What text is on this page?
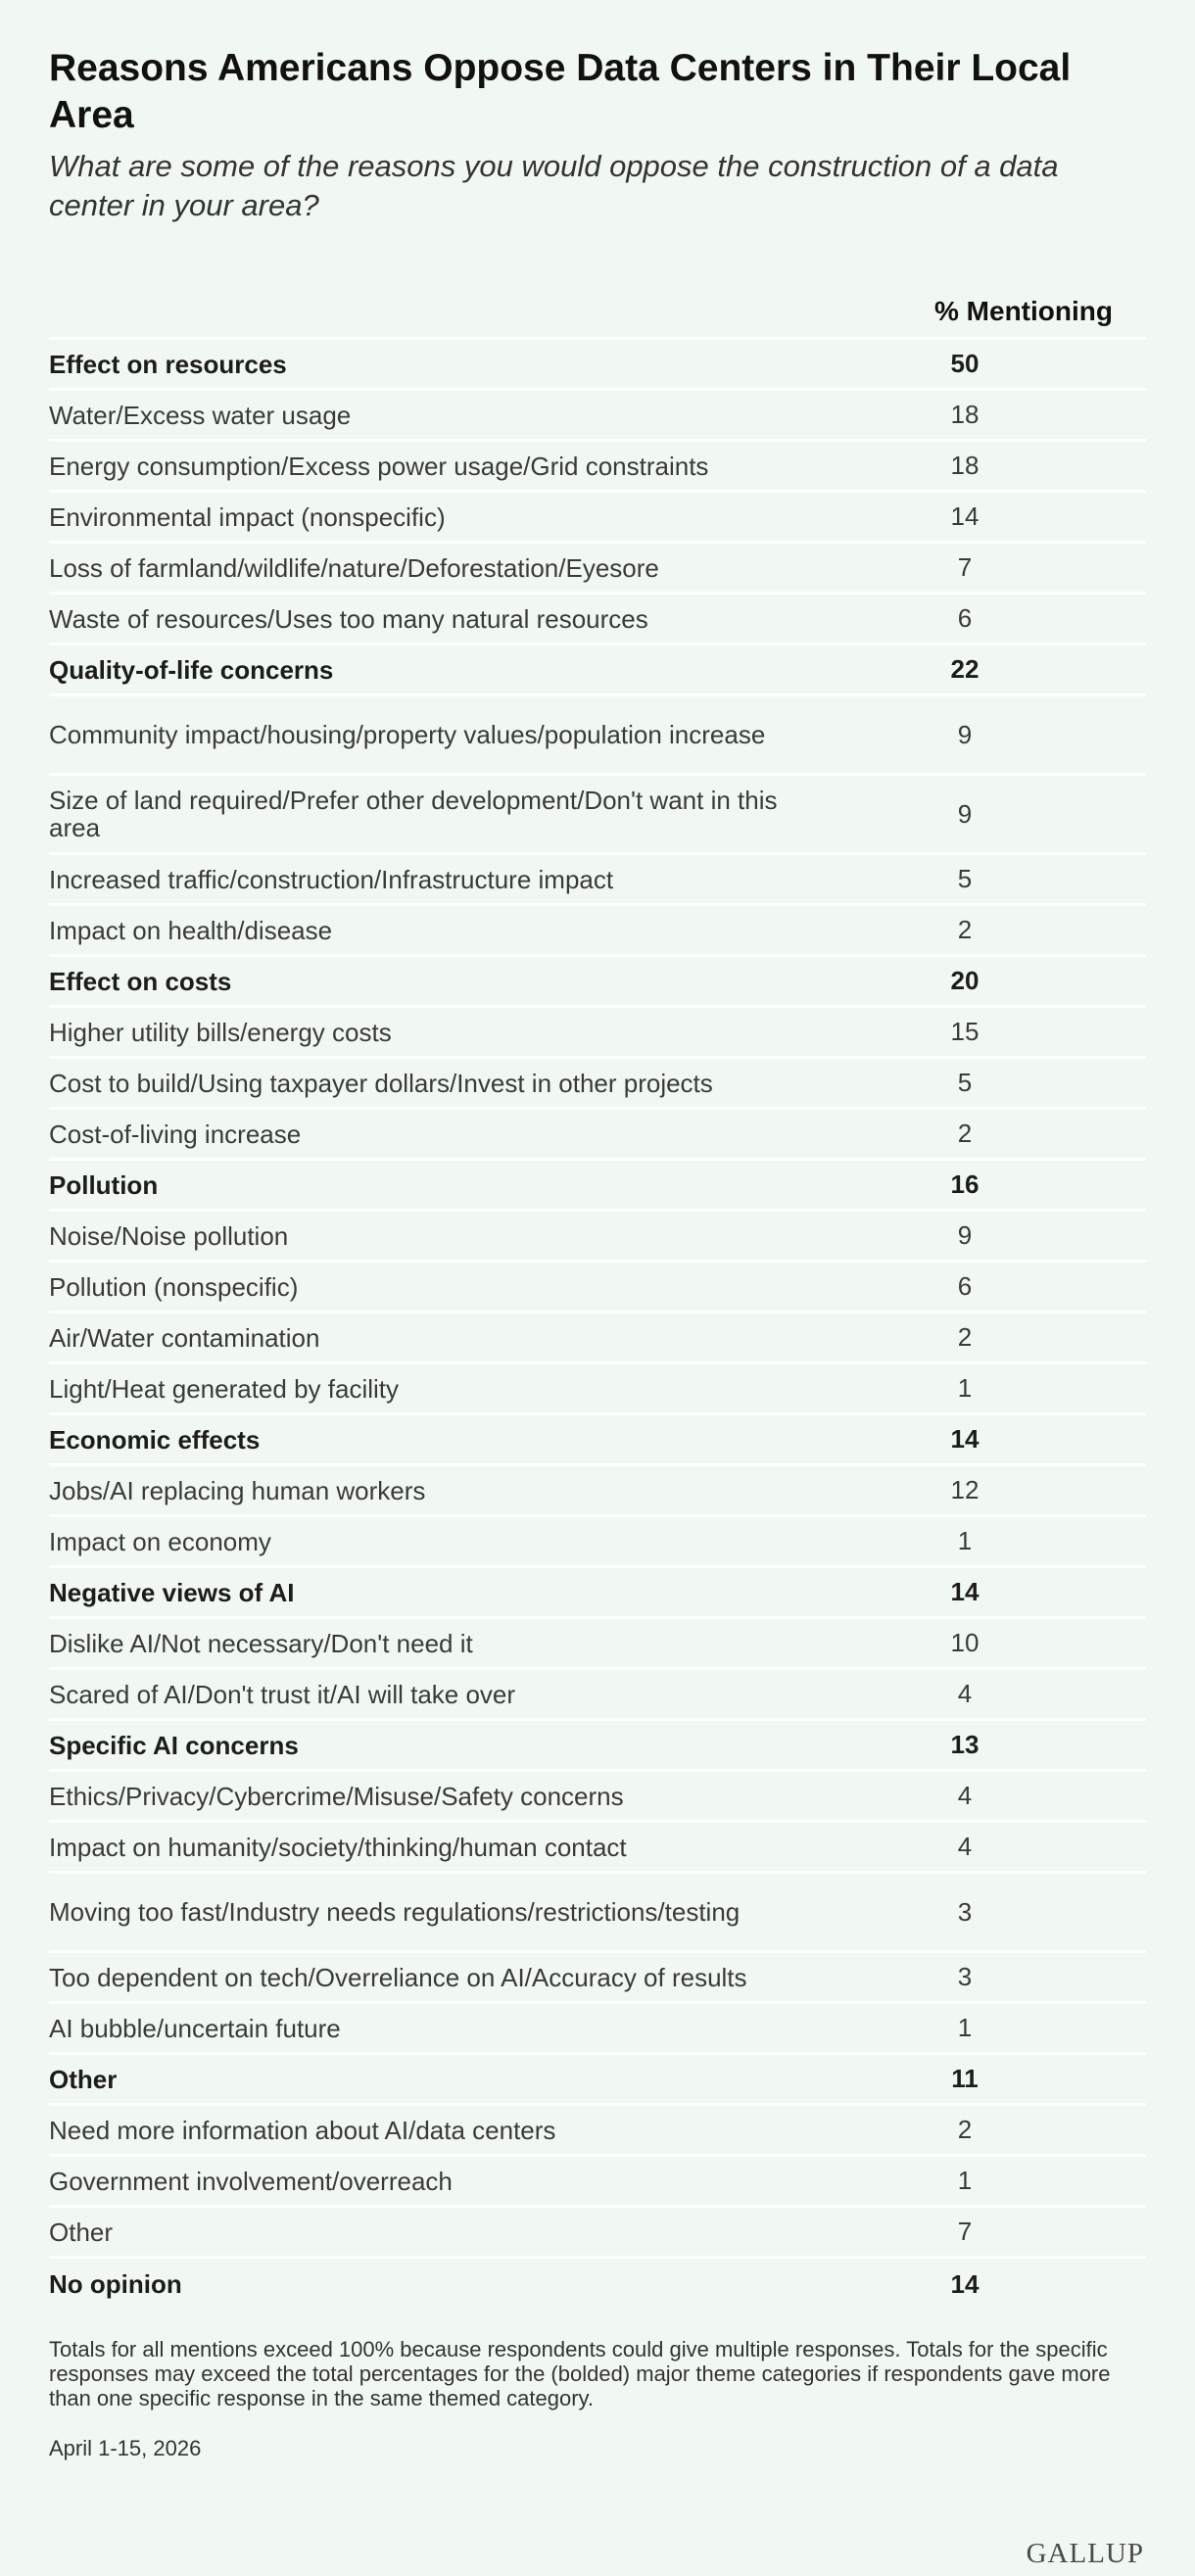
Reasons Americans Oppose Data Centers in Their Local Area

What are some of the reasons you would oppose the construction of a data center in your area?

% Mentioning
Effect on resources	50
Water/Excess water usage	18
Energy consumption/Excess power usage/Grid constraints	18
Environmental impact (nonspecific)	14
Loss of farmland/wildlife/nature/Deforestation/Eyesore	7
Waste of resources/Uses too many natural resources	6
Quality-of-life concerns	22
Community impact/housing/property values/population increase	9
Size of land required/Prefer other development/Don't want in this area	9
Increased traffic/construction/Infrastructure impact	5
Impact on health/disease	2
Effect on costs	20
Higher utility bills/energy costs	15
Cost to build/Using taxpayer dollars/Invest in other projects	5
Cost-of-living increase	2
Pollution	16
Noise/Noise pollution	9
Pollution (nonspecific)	6
Air/Water contamination	2
Light/Heat generated by facility	1
Economic effects	14
Jobs/AI replacing human workers	12
Impact on economy	1
Negative views of AI	14
Dislike AI/Not necessary/Don't need it	10
Scared of AI/Don't trust it/AI will take over	4
Specific AI concerns	13
Ethics/Privacy/Cybercrime/Misuse/Safety concerns	4
Impact on humanity/society/thinking/human contact	4
Moving too fast/Industry needs regulations/restrictions/testing	3
Too dependent on tech/Overreliance on AI/Accuracy of results	3
AI bubble/uncertain future	1
Other	11
Need more information about AI/data centers	2
Government involvement/overreach	1
Other	7
No opinion	14

Totals for all mentions exceed 100% because respondents could give multiple responses. Totals for the specific responses may exceed the total percentages for the (bolded) major theme categories if respondents gave more than one specific response in the same themed category.

April 1-15, 2026
GALLUP
